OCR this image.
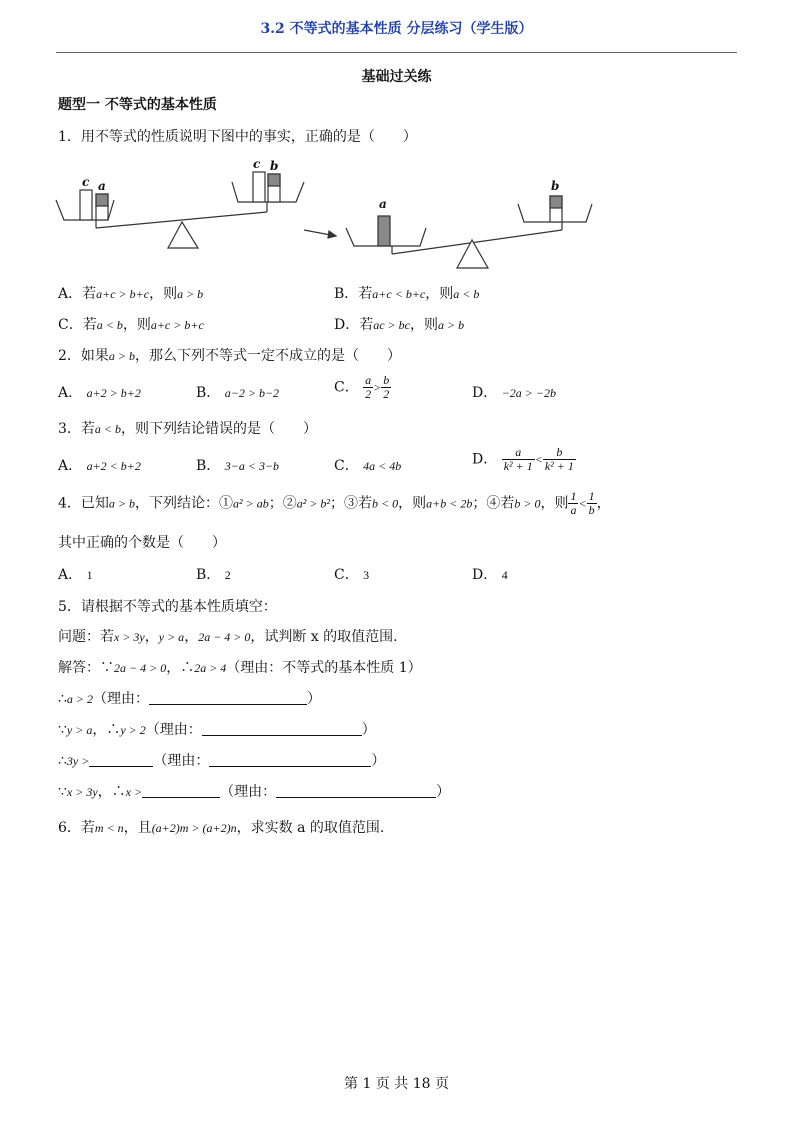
3.2 不等式的基本性质 分层练习（学生版）
基础过关练
题型一 不等式的基本性质
1．用不等式的性质说明下图中的事实，正确的是（　　）
c a
c b
a
b
A．若a+c > b+c，则a > b	B．若a+c < b+c，则a < b
C．若a < b，则a+c > b+c	D．若ac > bc，则a > b
2．如果a > b，那么下列不等式一定不成立的是（　　）
A． a+2 > b+2	B． a−2 > b−2	C． $\frac{a}{2} > \frac{b}{2}$	D． −2a > −2b
3．若a < b，则下列结论错误的是（　　）
A． a+2 < b+2	B． 3−a < 3−b	C． 4a < 4b	D． $\frac{a}{\text{k² + 1}} < \frac{b}{\text{k² + 1}}$
4．已知a > b，下列结论：①a² > ab；②a² > b²；③若b < 0，则a+b < 2b；④若b > 0，则 $\frac{1}{a} < \frac{1}{b}$ ，
其中正确的个数是（　　）
A． 1	B． 2	C． 3	D． 4
5．请根据不等式的基本性质填空：
问题：若x > 3y，y > a，2a − 4 > 0，试判断 x 的取值范围.
解答：∵2a − 4 > 0，∴2a > 4（理由：不等式的基本性质 1）
∴a > 2（理由：	）
∵y > a，∴y > 2（理由：	）
∴3y >	（理由：	）
∵x > 3y，∴x >	（理由：	）
6．若m < n，且(a+2)m > (a+2)n，求实数 a 的取值范围.
第 1 页 共 18 页
